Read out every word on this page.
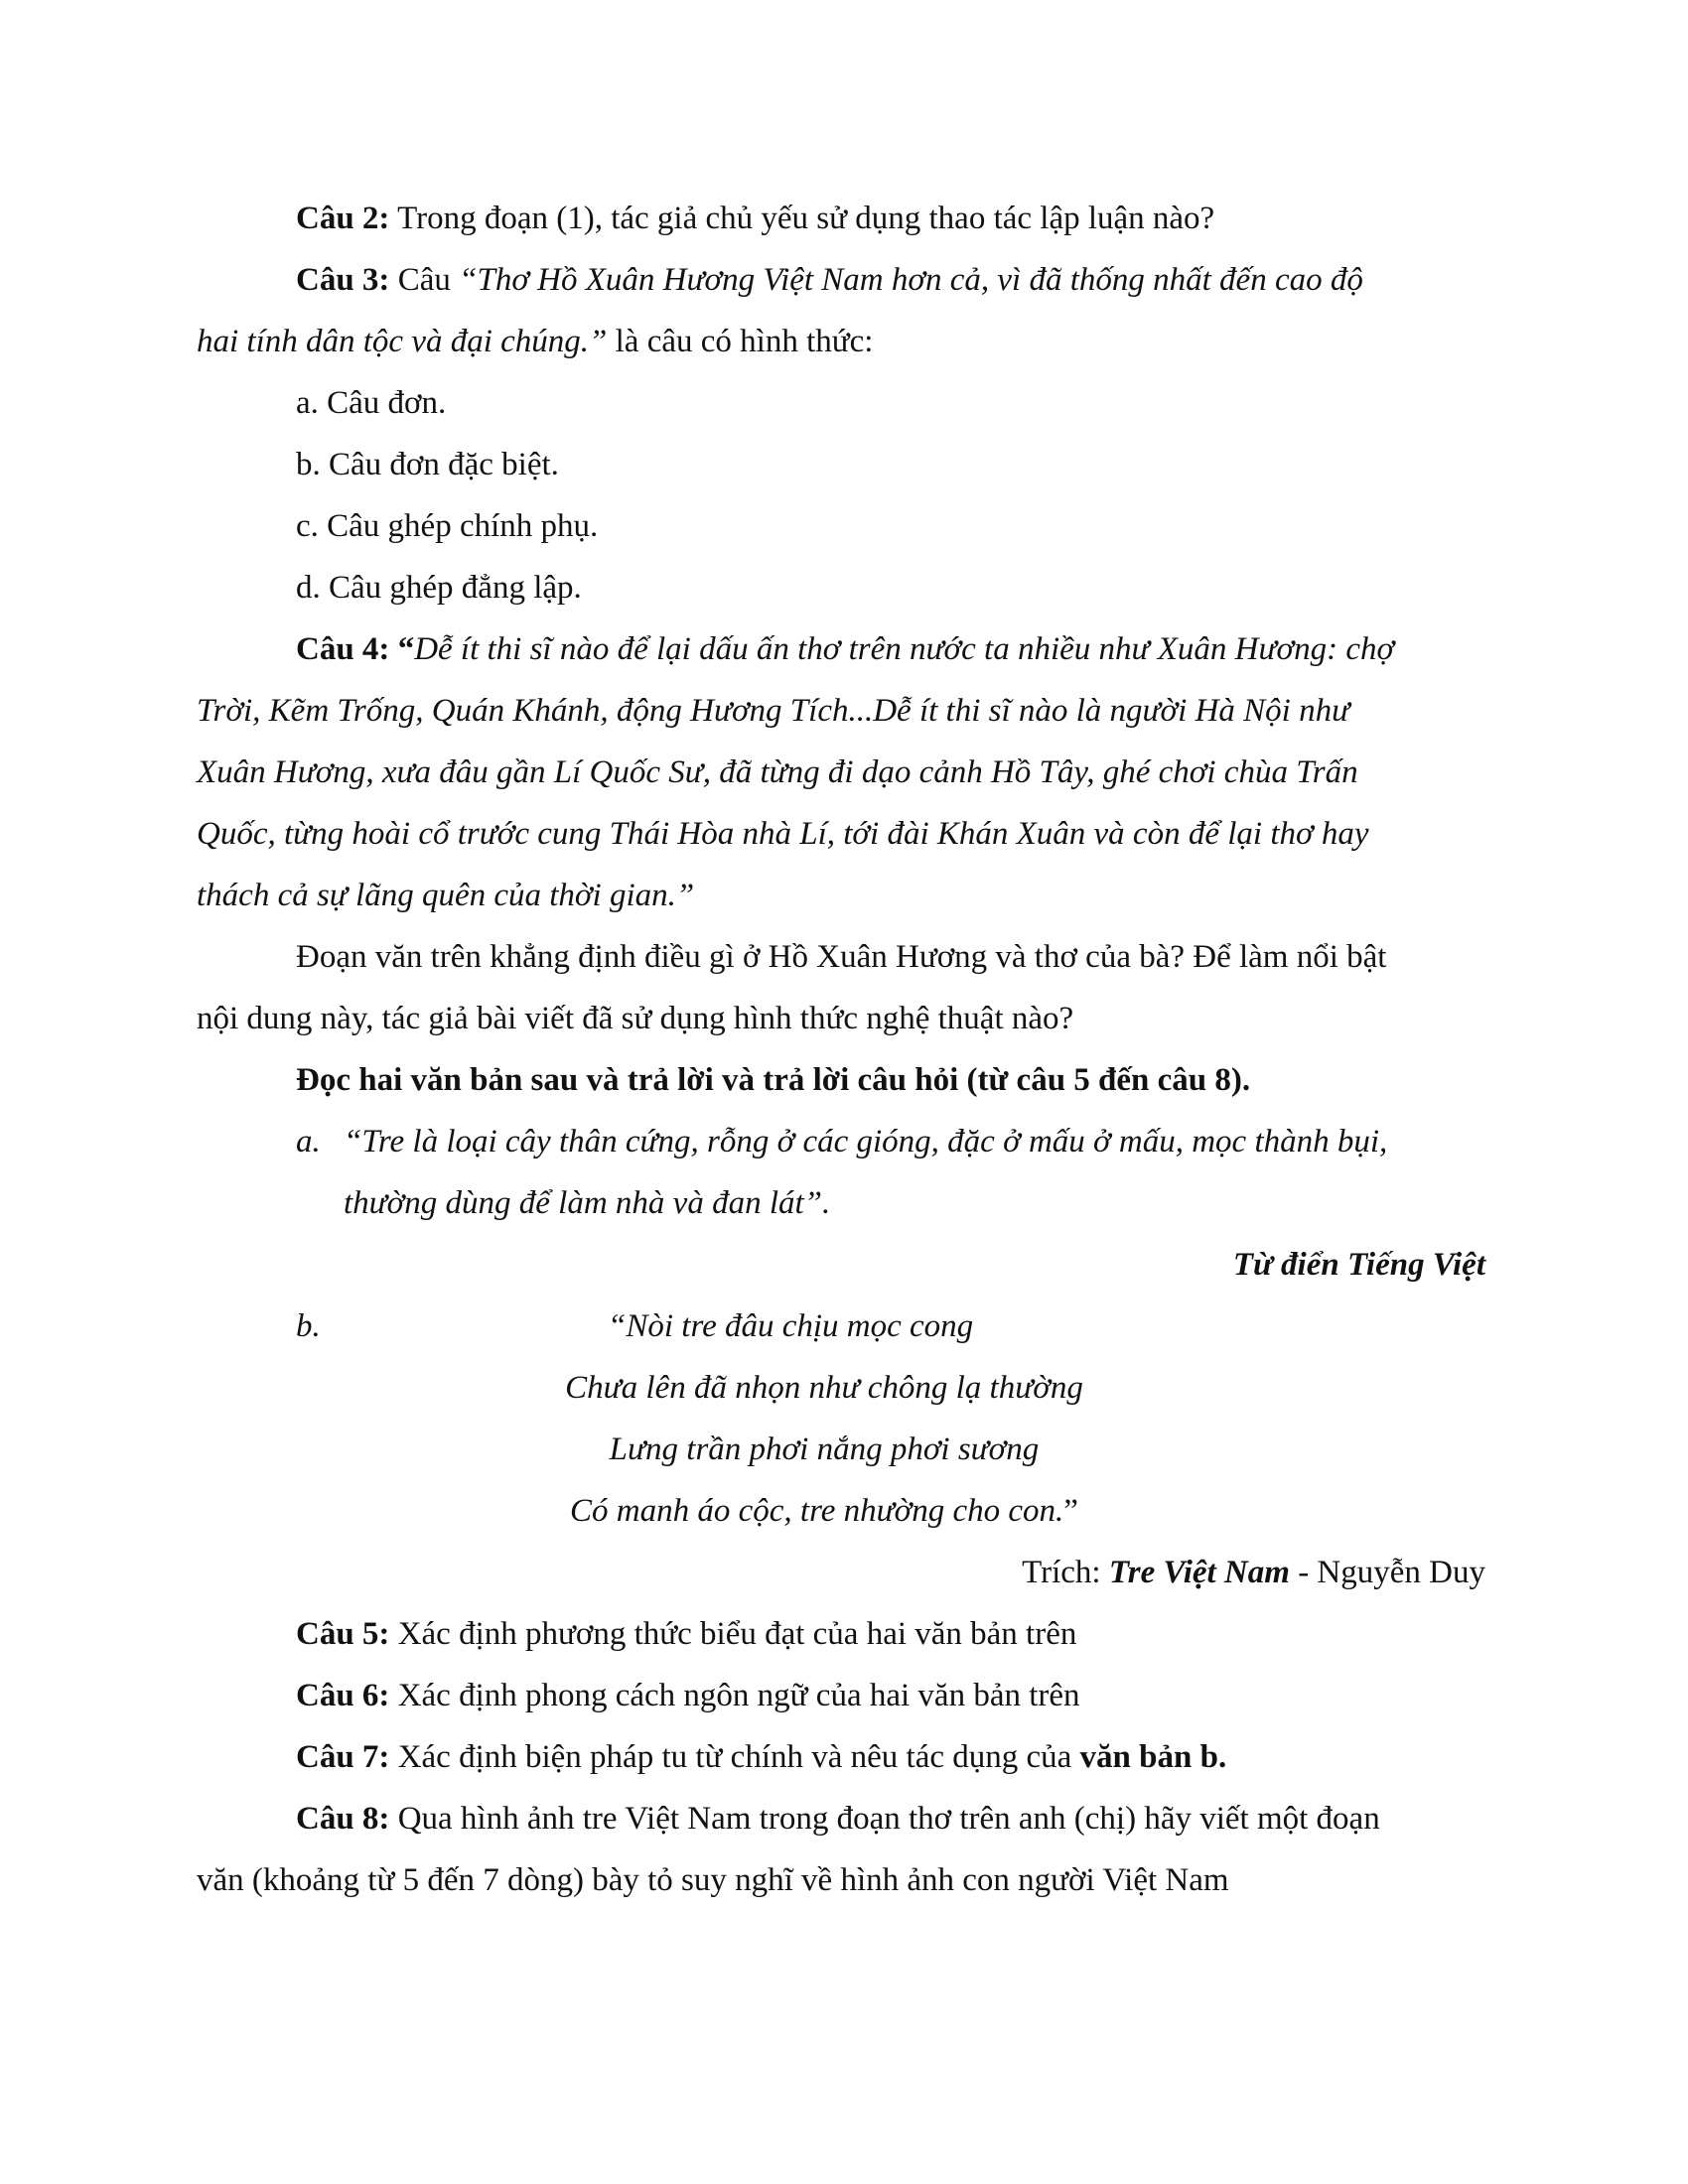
Câu 2: Trong đoạn (1), tác giả chủ yếu sử dụng thao tác lập luận nào?
Câu 3: Câu “Thơ Hồ Xuân Hương Việt Nam hơn cả, vì đã thống nhất đến cao độ
hai tính dân tộc và đại chúng.” là câu có hình thức:
a. Câu đơn.
b. Câu đơn đặc biệt.
c. Câu ghép chính phụ.
d. Câu ghép đẳng lập.
Câu 4: “Dễ ít thi sĩ nào để lại dấu ấn thơ trên nước ta nhiều như Xuân Hương: chợ
Trời, Kẽm Trống, Quán Khánh, động Hương Tích...Dễ ít thi sĩ nào là người Hà Nội như
Xuân Hương, xưa đâu gần Lí Quốc Sư, đã từng đi dạo cảnh Hồ Tây, ghé chơi chùa Trấn
Quốc, từng hoài cổ trước cung Thái Hòa nhà Lí, tới đài Khán Xuân và còn để lại thơ hay
thách cả sự lãng quên của thời gian.”
Đoạn văn trên khẳng định điều gì ở Hồ Xuân Hương và thơ của bà? Để làm nổi bật
nội dung này, tác giả bài viết đã sử dụng hình thức nghệ thuật nào?
Đọc hai văn bản sau và trả lời và trả lời câu hỏi (từ câu 5 đến câu 8).
a. “Tre là loại cây thân cứng, rỗng ở các gióng, đặc ở mấu ở mấu, mọc thành bụi,
thường dùng để làm nhà và đan lát”.
Từ điển Tiếng Việt
b.	“Nòi tre đâu chịu mọc cong
Chưa lên đã nhọn như chông lạ thường
Lưng trần phơi nắng phơi sương
Có manh áo cộc, tre nhường cho con.”
Trích: Tre Việt Nam - Nguyễn Duy
Câu 5: Xác định phương thức biểu đạt của hai văn bản trên
Câu 6: Xác định phong cách ngôn ngữ của hai văn bản trên
Câu 7: Xác định biện pháp tu từ chính và nêu tác dụng của văn bản b.
Câu 8: Qua hình ảnh tre Việt Nam trong đoạn thơ trên anh (chị) hãy viết một đoạn
văn (khoảng từ 5 đến 7 dòng) bày tỏ suy nghĩ về hình ảnh con người Việt Nam
